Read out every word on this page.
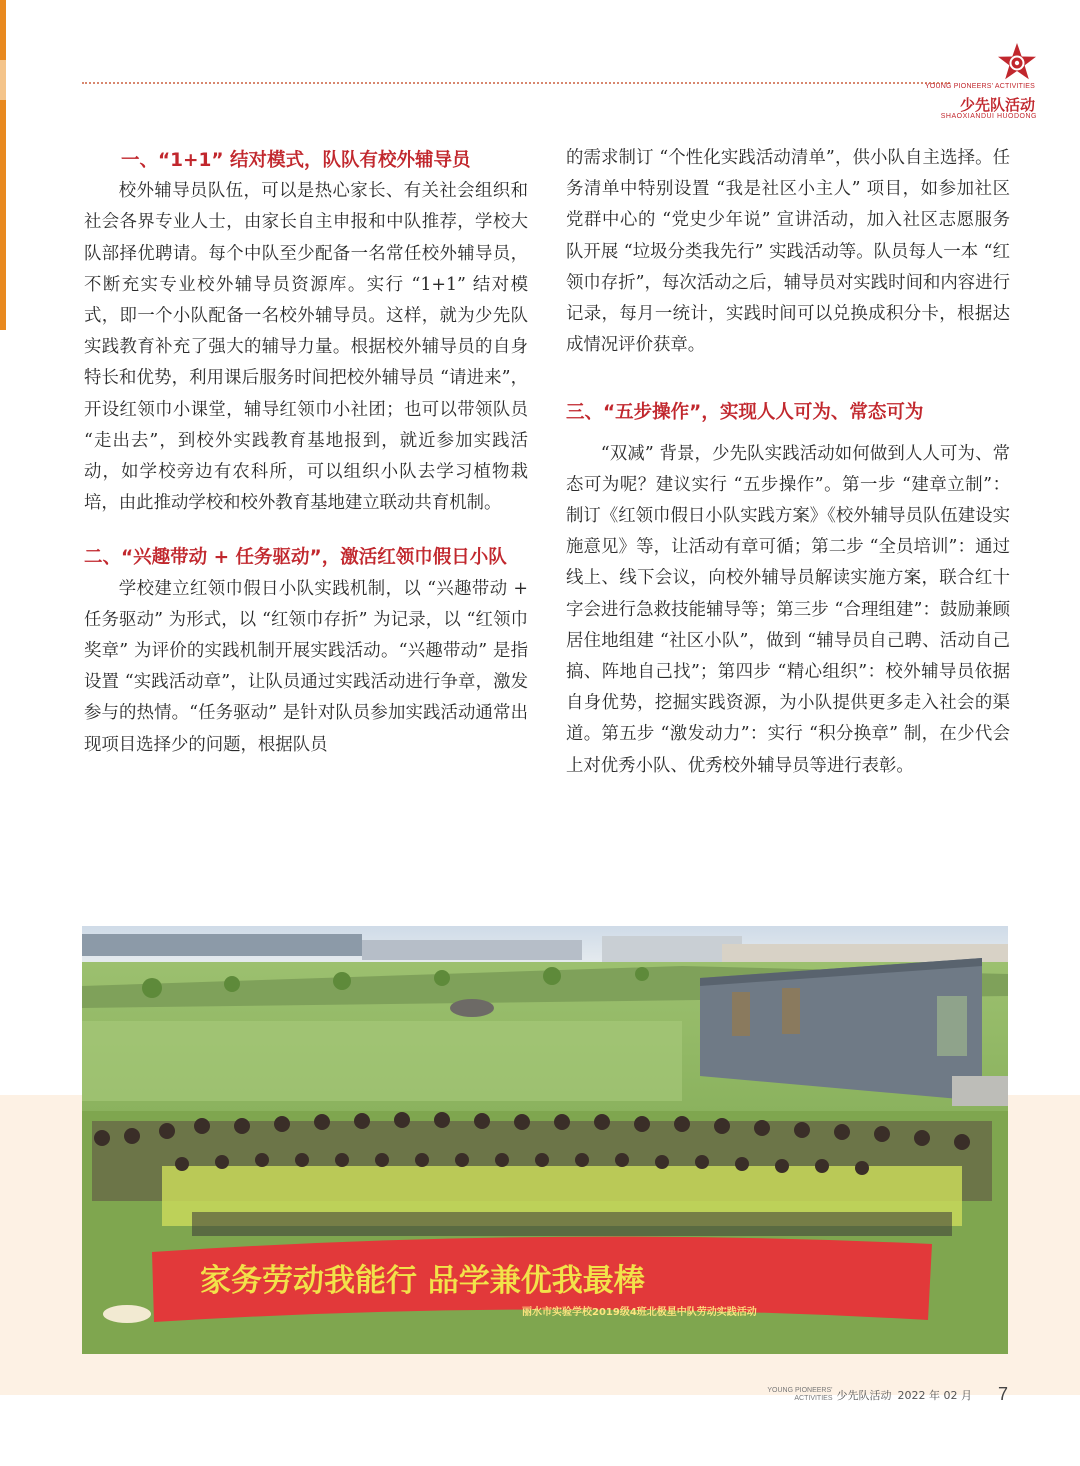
YOUNG PIONEERS' ACTIVITIES
少先队活动
SHAOXIANDUI HUODONG
一、“1+1” 结对模式，队队有校外辅导员

校外辅导员队伍，可以是热心家长、有关社会组织和社会各界专业人士，由家长自主申报和中队推荐，学校大队部择优聘请。每个中队至少配备一名常任校外辅导员，不断充实专业校外辅导员资源库。实行 “1+1” 结对模式，即一个小队配备一名校外辅导员。这样，就为少先队实践教育补充了强大的辅导力量。根据校外辅导员的自身特长和优势，利用课后服务时间把校外辅导员 “请进来”，开设红领巾小课堂，辅导红领巾小社团；也可以带领队员 “走出去”，到校外实践教育基地报到，就近参加实践活动，如学校旁边有农科所，可以组织小队去学习植物栽培，由此推动学校和校外教育基地建立联动共育机制。

二、“兴趣带动 + 任务驱动”，激活红领巾假日小队

学校建立红领巾假日小队实践机制，以 “兴趣带动 + 任务驱动” 为形式，以 “红领巾存折” 为记录，以 “红领巾奖章” 为评价的实践机制开展实践活动。“兴趣带动” 是指设置 “实践活动章”，让队员通过实践活动进行争章，激发参与的热情。“任务驱动” 是针对队员参加实践活动通常出现项目选择少的问题，根据队员

的需求制订 “个性化实践活动清单”，供小队自主选择。任务清单中特别设置 “我是社区小主人” 项目，如参加社区党群中心的 “党史少年说” 宣讲活动，加入社区志愿服务队开展 “垃圾分类我先行” 实践活动等。队员每人一本 “红领巾存折”，每次活动之后，辅导员对实践时间和内容进行记录，每月一统计，实践时间可以兑换成积分卡，根据达成情况评价获章。

三、“五步操作”，实现人人可为、常态可为

“双减” 背景，少先队实践活动如何做到人人可为、常态可为呢？建议实行 “五步操作”。第一步 “建章立制”：制订《红领巾假日小队实践方案》《校外辅导员队伍建设实施意见》等，让活动有章可循；第二步 “全员培训”：通过线上、线下会议，向校外辅导员解读实施方案，联合红十字会进行急救技能辅导等；第三步 “合理组建”：鼓励兼顾居住地组建 “社区小队”，做到 “辅导员自己聘、活动自己搞、阵地自己找”；第四步 “精心组织”：校外辅导员依据自身优势，挖掘实践资源，为小队提供更多走入社会的渠道。第五步 “激发动力”：实行 “积分换章” 制，在少代会上对优秀小队、优秀校外辅导员等进行表彰。

家务劳动我能行 品学兼优我最棒
丽水市实验学校2019级4班北极星中队劳动实践活动
YOUNG PIONEERS'
ACTIVITIES 少先队活动 2022 年 02 月 7
